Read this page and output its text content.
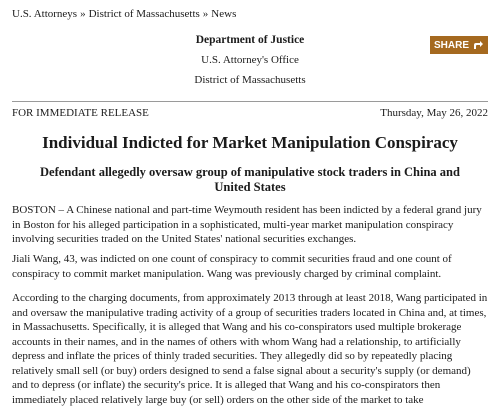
U.S. Attorneys » District of Massachusetts » News
Department of Justice
U.S. Attorney's Office
District of Massachusetts
SHARE
FOR IMMEDIATE RELEASE	Thursday, May 26, 2022
Individual Indicted for Market Manipulation Conspiracy
Defendant allegedly oversaw group of manipulative stock traders in China and United States

BOSTON – A Chinese national and part-time Weymouth resident has been indicted by a federal grand jury in Boston for his alleged participation in a sophisticated, multi-year market manipulation conspiracy involving securities traded on the United States' national securities exchanges.

Jiali Wang, 43, was indicted on one count of conspiracy to commit securities fraud and one count of conspiracy to commit market manipulation. Wang was previously charged by criminal complaint.

According to the charging documents, from approximately 2013 through at least 2018, Wang participated in and oversaw the manipulative trading activity of a group of securities traders located in China and, at times, in Massachusetts. Specifically, it is alleged that Wang and his co-conspirators used multiple brokerage accounts in their names, and in the names of others with whom Wang had a relationship, to artificially depress and inflate the prices of thinly traded securities. They allegedly did so by repeatedly placing relatively small sell (or buy) orders designed to send a false signal about a security's supply (or demand) and to depress (or inflate) the security's price. It is alleged that Wang and his co-conspirators then immediately placed relatively large buy (or sell) orders on the other side of the market to take
